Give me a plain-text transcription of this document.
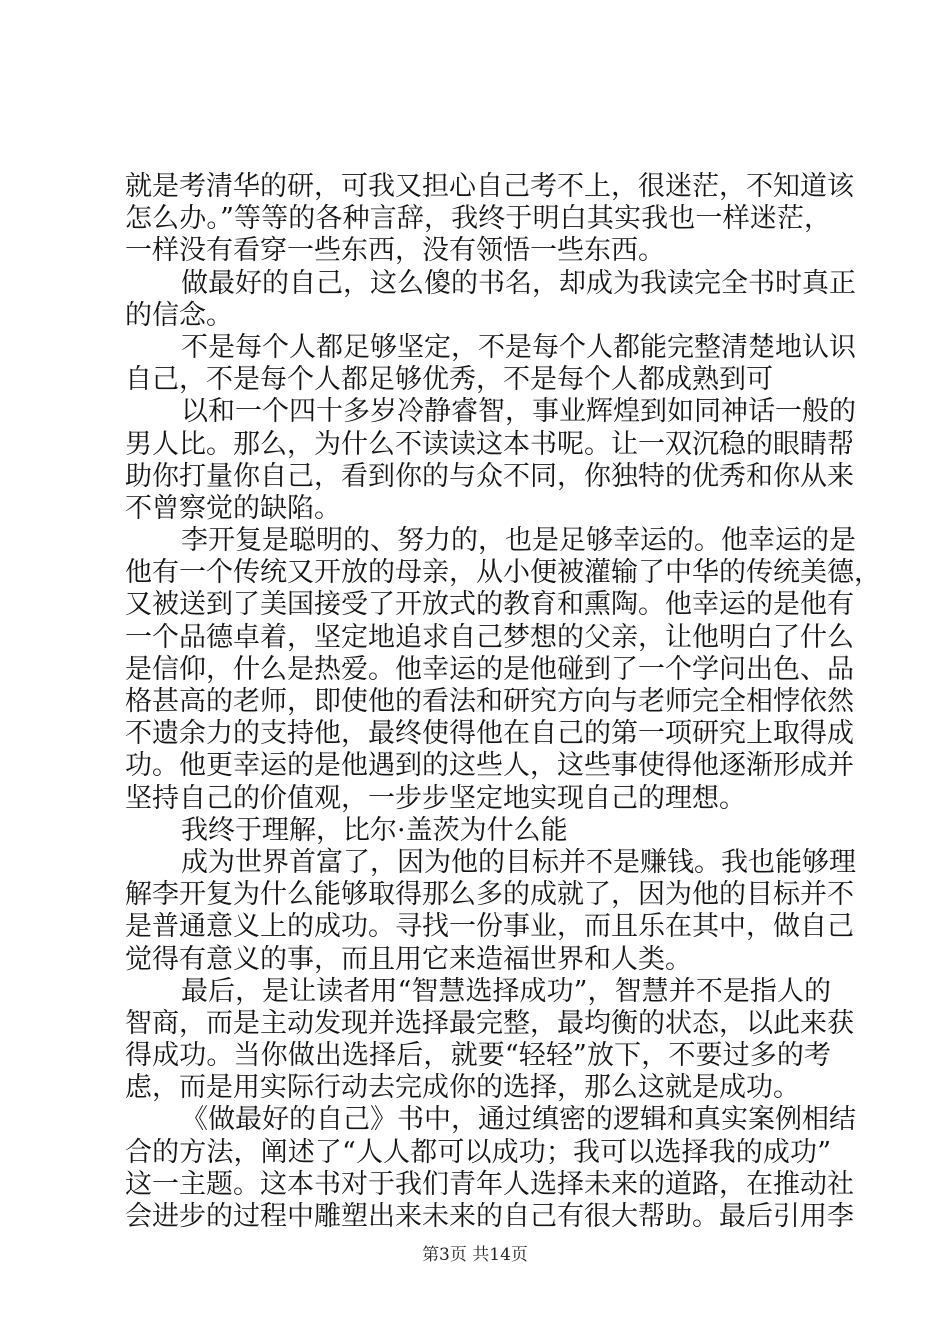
就是考清华的研，可我又担心自己考不上，很迷茫，不知道该
怎么办。”等等的各种言辞，我终于明白其实我也一样迷茫，
一样没有看穿一些东西，没有领悟一些东西。
做最好的自己，这么傻的书名，却成为我读完全书时真正
的信念。
不是每个人都足够坚定，不是每个人都能完整清楚地认识
自己，不是每个人都足够优秀，不是每个人都成熟到可
以和一个四十多岁冷静睿智，事业辉煌到如同神话一般的
男人比。那么，为什么不读读这本书呢。让一双沉稳的眼睛帮
助你打量你自己，看到你的与众不同，你独特的优秀和你从来
不曾察觉的缺陷。
李开复是聪明的、努力的，也是足够幸运的。他幸运的是
他有一个传统又开放的母亲，从小便被灌输了中华的传统美德，
又被送到了美国接受了开放式的教育和熏陶。他幸运的是他有
一个品德卓着，坚定地追求自己梦想的父亲，让他明白了什么
是信仰，什么是热爱。他幸运的是他碰到了一个学问出色、品
格甚高的老师，即使他的看法和研究方向与老师完全相悖依然
不遗余力的支持他，最终使得他在自己的第一项研究上取得成
功。他更幸运的是他遇到的这些人，这些事使得他逐渐形成并
坚持自己的价值观，一步步坚定地实现自己的理想。
我终于理解，比尔·盖茨为什么能
成为世界首富了，因为他的目标并不是赚钱。我也能够理
解李开复为什么能够取得那么多的成就了，因为他的目标并不
是普通意义上的成功。寻找一份事业，而且乐在其中，做自己
觉得有意义的事，而且用它来造福世界和人类。
最后，是让读者用“智慧选择成功”，智慧并不是指人的
智商，而是主动发现并选择最完整，最均衡的状态，以此来获
得成功。当你做出选择后，就要“轻轻”放下，不要过多的考
虑，而是用实际行动去完成你的选择，那么这就是成功。
《做最好的自己》书中，通过缜密的逻辑和真实案例相结
合的方法，阐述了“人人都可以成功；我可以选择我的成功”
这一主题。这本书对于我们青年人选择未来的道路，在推动社
会进步的过程中雕塑出来未来的自己有很大帮助。最后引用李
第3页 共14页
